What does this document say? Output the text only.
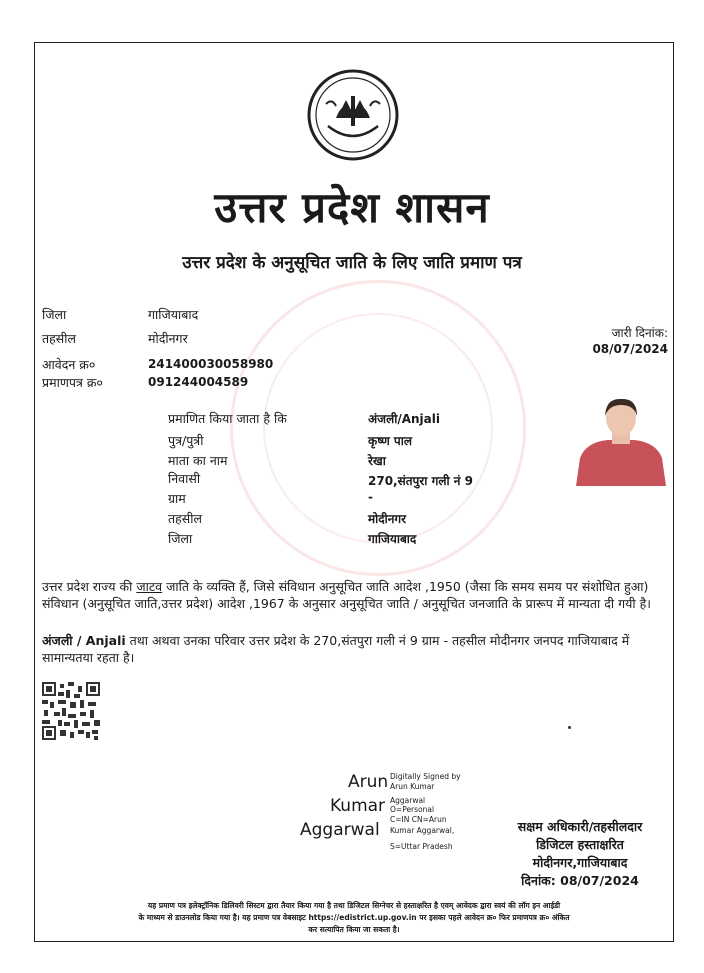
उत्तर प्रदेश शासन
उत्तर प्रदेश के अनुसूचित जाति के लिए जाति प्रमाण पत्र
जिला	गाजियाबाद
तहसील	मोदीनगर
आवेदन क्र०	241400030058980
प्रमाणपत्र क्र०	091244004589
जारी दिनांक:
08/07/2024
प्रमाणित किया जाता है कि	अंजली/Anjali
पुत्र/पुत्री	कृष्ण पाल
माता का नाम	रेखा
निवासी	270,संतपुरा गली नं 9
ग्राम	-
तहसील	मोदीनगर
जिला	गाजियाबाद
उत्तर प्रदेश राज्य की जाटव जाति के व्यक्ति हैं, जिसे संविधान अनुसूचित जाति आदेश ,1950 (जैसा कि समय समय पर संशोधित हुआ) संविधान (अनुसूचित जाति,उत्तर प्रदेश) आदेश ,1967 के अनुसार अनुसूचित जाति / अनुसूचित जनजाति के प्रारूप में मान्यता दी गयी है।
अंजली / Anjali तथा अथवा उनका परिवार उत्तर प्रदेश के 270,संतपुरा गली नं 9 ग्राम - तहसील मोदीनगर जनपद गाजियाबाद में सामान्यतया रहता है।
Arun
Kumar
Aggarwal
Digitally Signed by
Arun Kumar
Aggarwal
O=Personal
C=IN CN=Arun
Kumar Aggarwal,
S=Uttar Pradesh
सक्षम अधिकारी/तहसीलदार
डिजिटल हस्ताक्षरित
मोदीनगर,गाजियाबाद
दिनांक: 08/07/2024
यह प्रमाण पत्र इलेक्ट्रॉनिक डिलिवरी सिस्टम द्वारा तैयार किया गया है तथा डिजिटल सिग्नेचर से हस्ताक्षरित है एवम् आवेदक द्वारा स्वयं की लॉग इन आईडी
के माध्यम से डाउनलोड किया गया है। यह प्रमाण पत्र वेबसाइट https://edistrict.up.gov.in पर इसका पहले आवेदन क्र० फिर प्रमाणपत्र क्र० अंकित
कर सत्यापित किया जा सकता है।
